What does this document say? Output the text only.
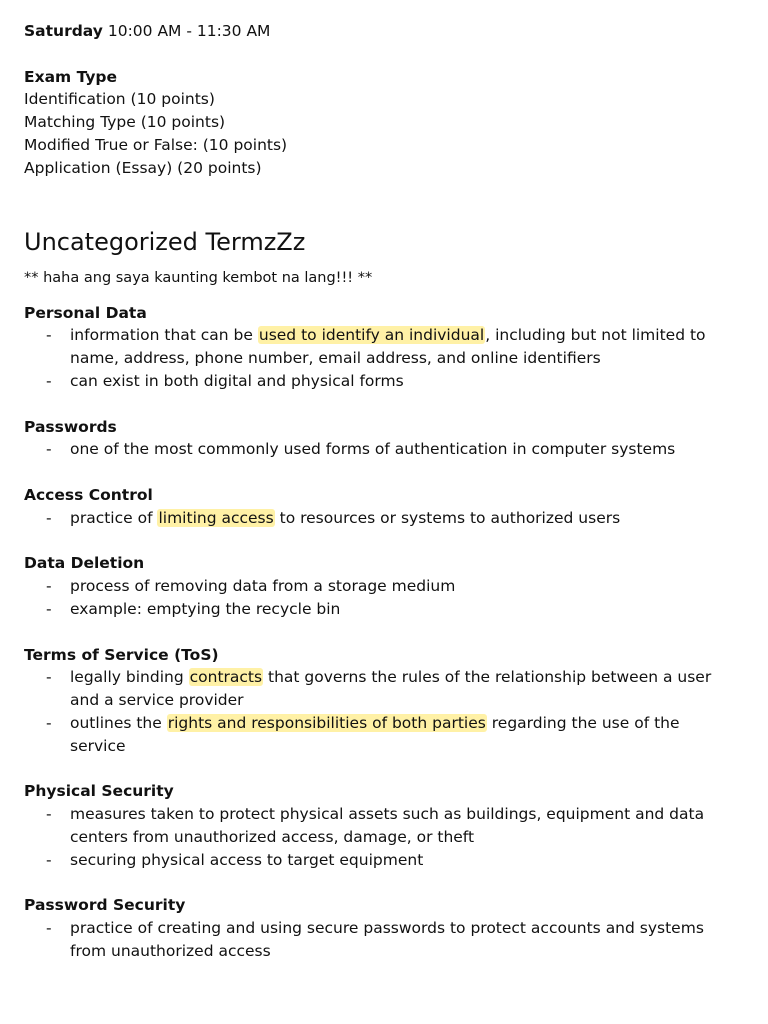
Saturday 10:00 AM - 11:30 AM

Exam Type

Identification (10 points)

Matching Type (10 points)

Modified True or False: (10 points)

Application (Essay) (20 points)

Uncategorized TermzZz

** haha ang saya kaunting kembot na lang!!! **

Personal Data

- information that can be used to identify an individual, including but not limited to name, address, phone number, email address, and online identifiers
- can exist in both digital and physical forms

Passwords

- one of the most commonly used forms of authentication in computer systems

Access Control

- practice of limiting access to resources or systems to authorized users

Data Deletion

- process of removing data from a storage medium
- example: emptying the recycle bin

Terms of Service (ToS)

- legally binding contracts that governs the rules of the relationship between a user and a service provider
- outlines the rights and responsibilities of both parties regarding the use of the service

Physical Security

- measures taken to protect physical assets such as buildings, equipment and data centers from unauthorized access, damage, or theft
- securing physical access to target equipment

Password Security

- practice of creating and using secure passwords to protect accounts and systems from unauthorized access
